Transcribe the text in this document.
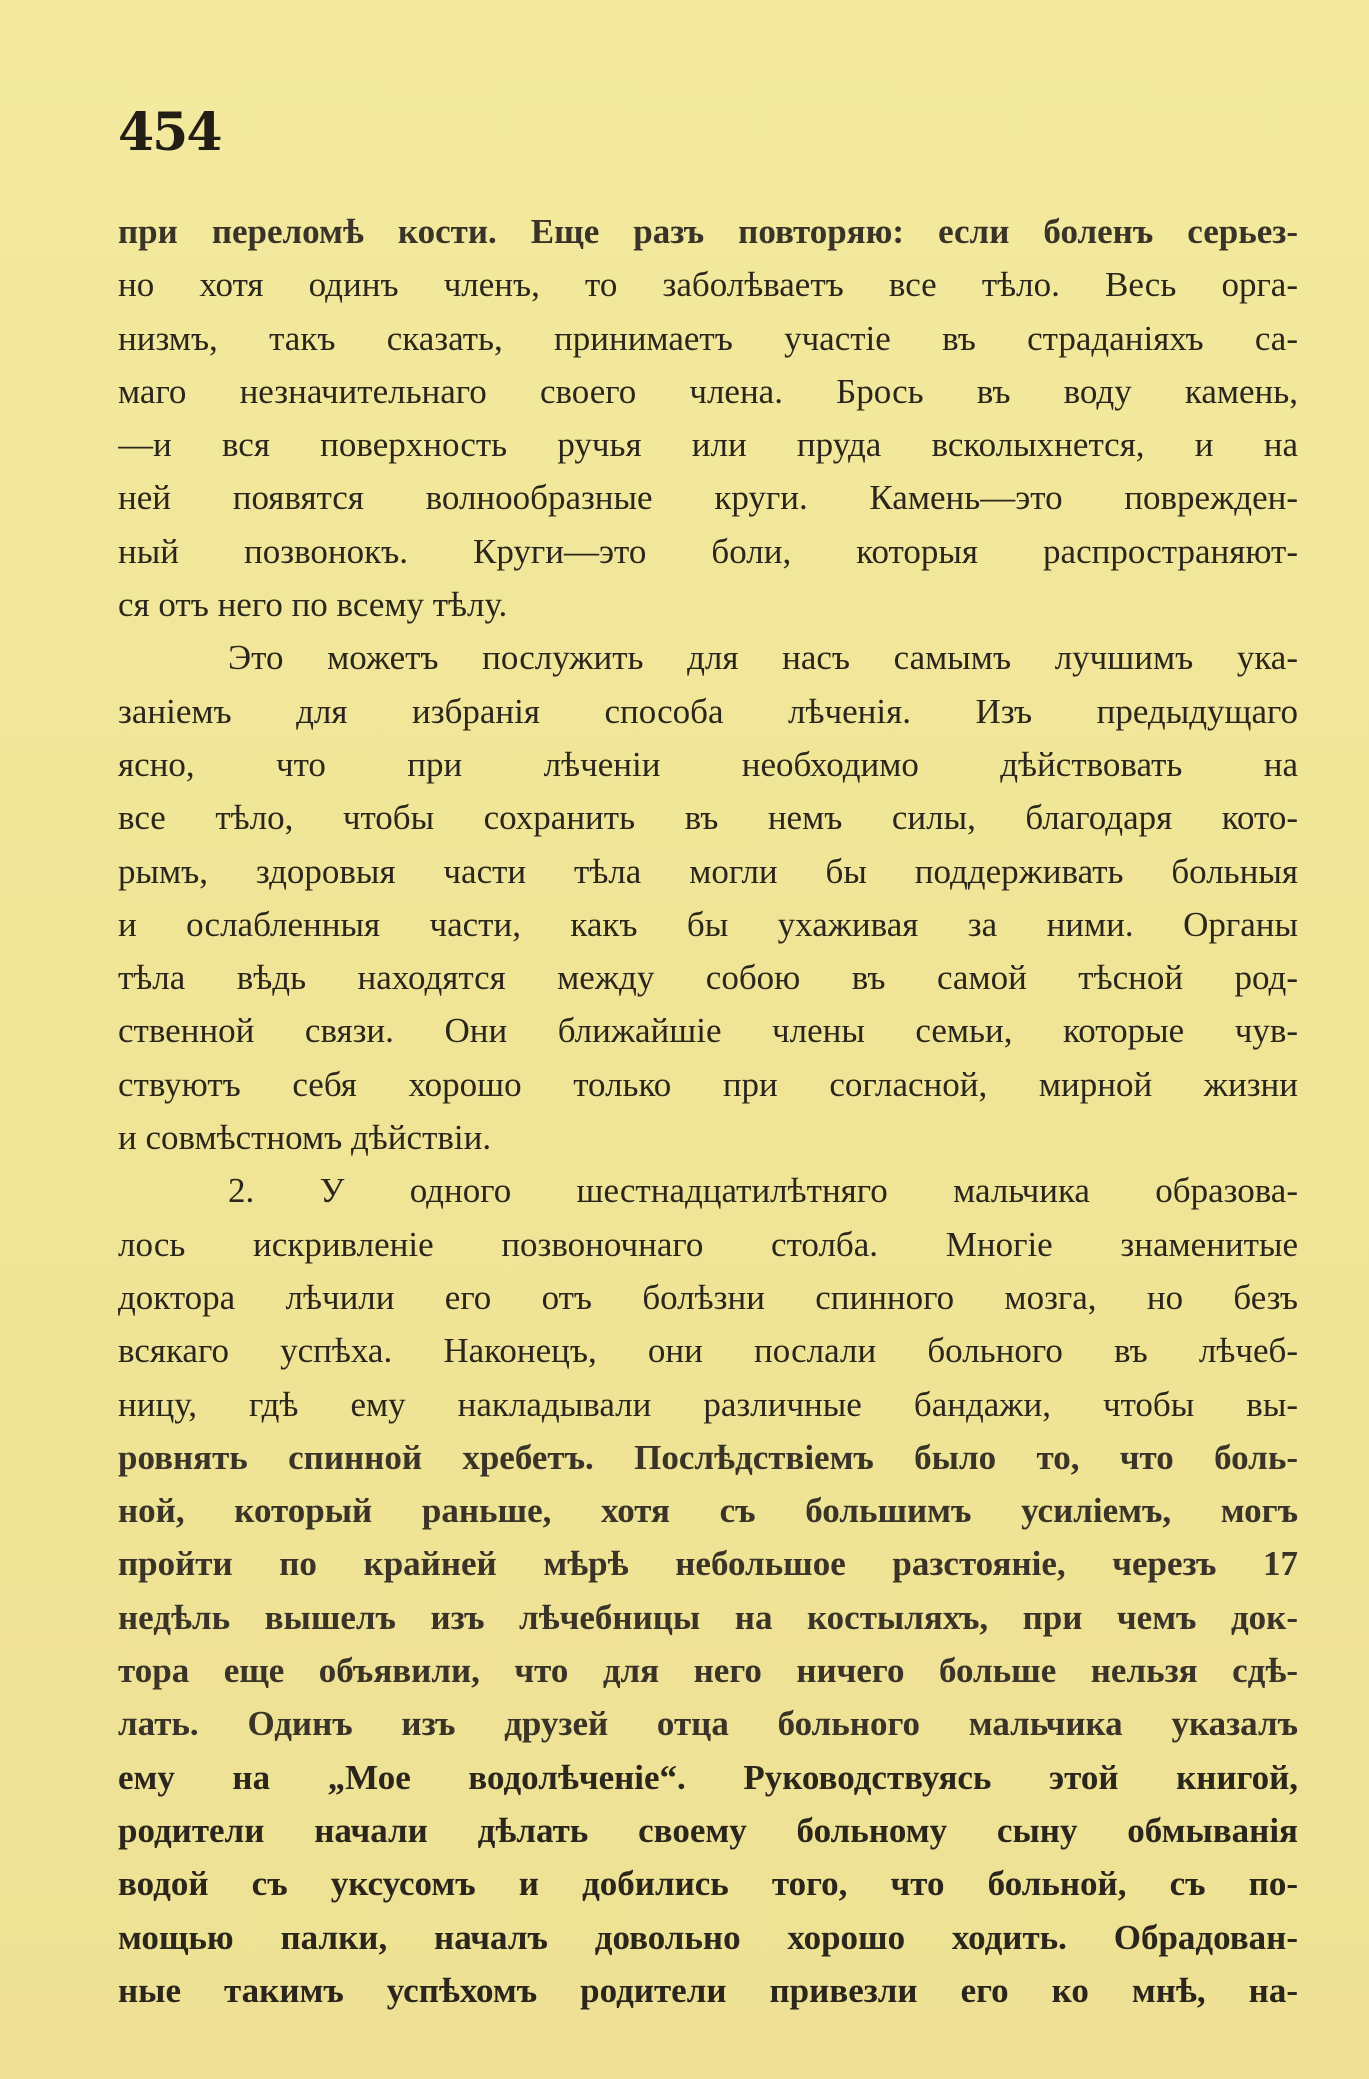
454
при переломѣ кости. Еще разъ повторяю: если боленъ серьез-
но хотя одинъ членъ, то заболѣваетъ все тѣло. Весь орга-
низмъ, такъ сказать, принимаетъ участіе въ страданіяхъ са-
маго незначительнаго своего члена. Брось въ воду камень,
—и вся поверхность ручья или пруда всколыхнется, и на
ней появятся волнообразные круги. Камень—это поврежден-
ный позвонокъ. Круги—это боли, которыя распространяют-
ся отъ него по всему тѣлу.
Это можетъ послужить для насъ самымъ лучшимъ ука-
заніемъ для избранія способа лѣченія. Изъ предыдущаго
ясно, что при лѣченіи необходимо дѣйствовать на
все тѣло, чтобы сохранить въ немъ силы, благодаря кото-
рымъ, здоровыя части тѣла могли бы поддерживать больныя
и ослабленныя части, какъ бы ухаживая за ними. Органы
тѣла вѣдь находятся между собою въ самой тѣсной род-
ственной связи. Они ближайшіе члены семьи, которые чув-
ствуютъ себя хорошо только при согласной, мирной жизни
и совмѣстномъ дѣйствіи.
2. У одного шестнадцатилѣтняго мальчика образова-
лось искривленіе позвоночнаго столба. Многіе знаменитые
доктора лѣчили его отъ болѣзни спинного мозга, но безъ
всякаго успѣха. Наконецъ, они послали больного въ лѣчеб-
ницу, гдѣ ему накладывали различные бандажи, чтобы вы-
ровнять спинной хребетъ. Послѣдствіемъ было то, что боль-
ной, который раньше, хотя съ большимъ усиліемъ, могъ
пройти по крайней мѣрѣ небольшое разстояніе, черезъ 17
недѣль вышелъ изъ лѣчебницы на костыляхъ, при чемъ док-
тора еще объявили, что для него ничего больше нельзя сдѣ-
лать. Одинъ изъ друзей отца больного мальчика указалъ
ему на „Мое водолѣченіе“. Руководствуясь этой книгой,
родители начали дѣлать своему больному сыну обмыванія
водой съ уксусомъ и добились того, что больной, съ по-
мощью палки, началъ довольно хорошо ходить. Обрадован-
ные такимъ успѣхомъ родители привезли его ко мнѣ, на-
